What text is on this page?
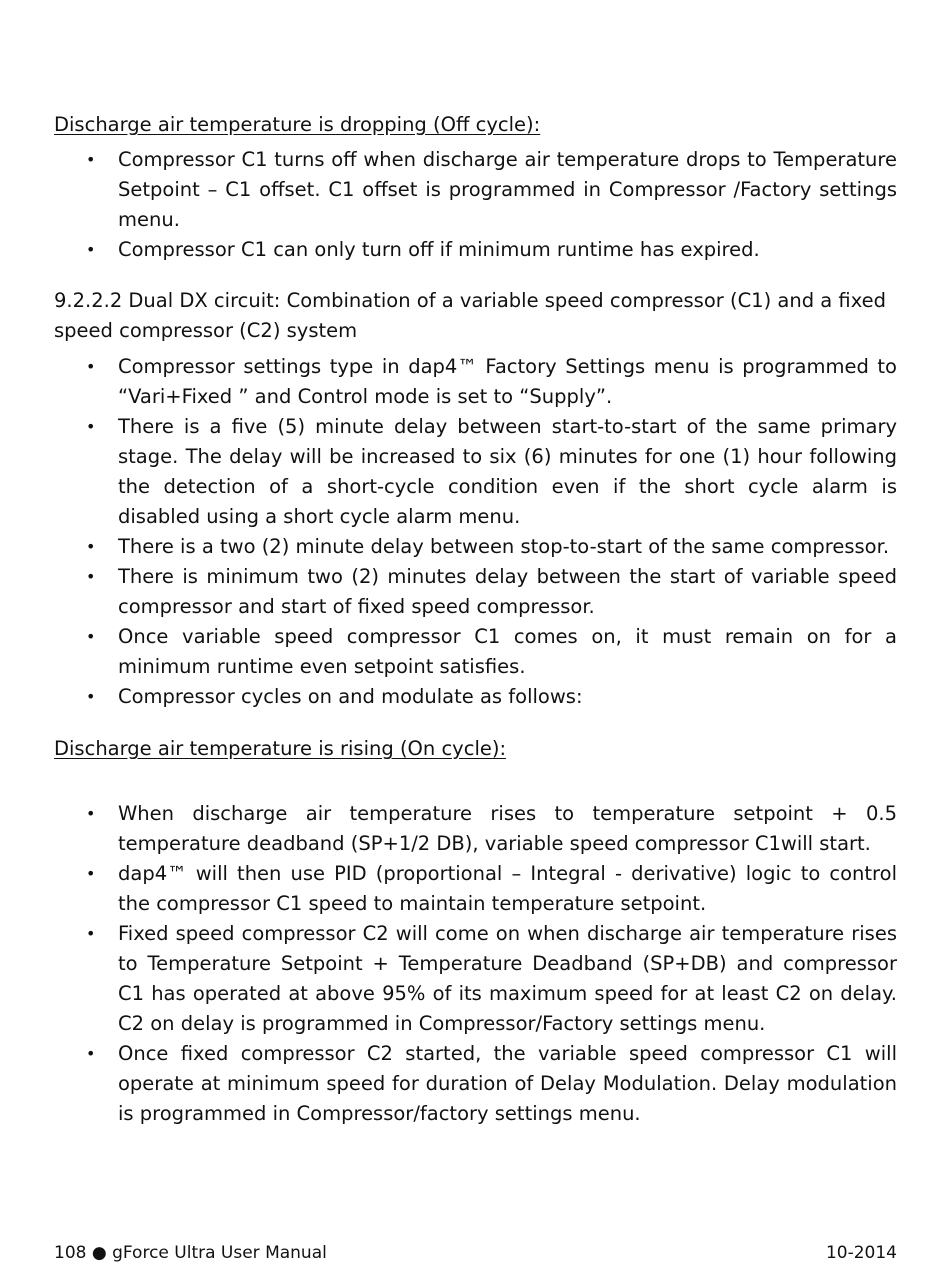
Discharge air temperature is dropping (Off cycle):
• Compressor C1 turns off when discharge air temperature drops to Temperature Setpoint – C1 offset. C1 offset is programmed in Compressor /Factory settings menu.
• Compressor C1 can only turn off if minimum runtime has expired.
9.2.2.2 Dual DX circuit: Combination of a variable speed compressor (C1) and a fixed speed compressor (C2) system
• Compressor settings type in dap4™ Factory Settings menu is programmed to “Vari+Fixed ” and Control mode is set to “Supply”.
• There is a five (5) minute delay between start-to-start of the same primary stage. The delay will be increased to six (6) minutes for one (1) hour following the detection of a short-cycle condition even if the short cycle alarm is disabled using a short cycle alarm menu.
• There is a two (2) minute delay between stop-to-start of the same compressor.
• There is minimum two (2) minutes delay between the start of variable speed compressor and start of fixed speed compressor.
• Once variable speed compressor C1 comes on, it must remain on for a minimum runtime even setpoint satisfies.
• Compressor cycles on and modulate as follows:
Discharge air temperature is rising (On cycle):
• When discharge air temperature rises to temperature setpoint + 0.5 temperature deadband (SP+1/2 DB), variable speed compressor C1will start.
• dap4™ will then use PID (proportional – Integral - derivative) logic to control the compressor C1 speed to maintain temperature setpoint.
• Fixed speed compressor C2 will come on when discharge air temperature rises to Temperature Setpoint + Temperature Deadband (SP+DB) and compressor C1 has operated at above 95% of its maximum speed for at least C2 on delay. C2 on delay is programmed in Compressor/Factory settings menu.
• Once fixed compressor C2 started, the variable speed compressor C1 will operate at minimum speed for duration of Delay Modulation. Delay modulation is programmed in Compressor/factory settings menu.
108 ● gForce Ultra User Manual	10-2014
